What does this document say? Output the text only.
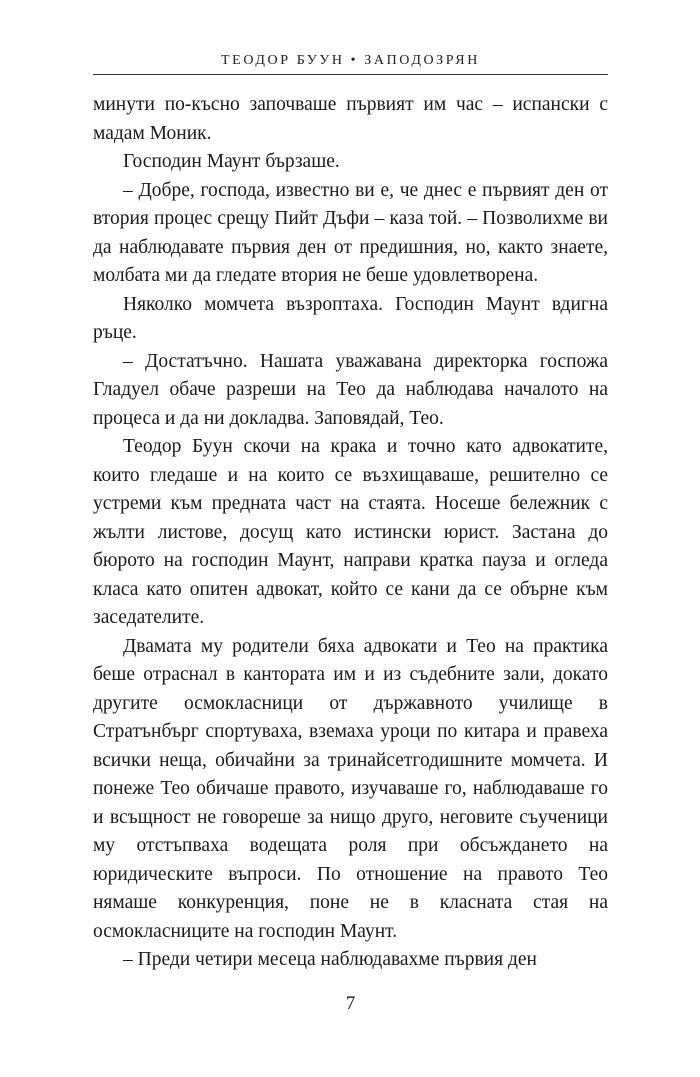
ТЕОДОР БУУН • ЗАПОДОЗРЯН

минути по-късно започваше първият им час – испански с мадам Моник.

Господин Маунт бързаше.

– Добре, господа, известно ви е, че днес е първият ден от втория процес срещу Пийт Дъфи – каза той. – Позволихме ви да наблюдавате първия ден от предишния, но, както знаете, молбата ми да гледате втория не беше удовлетворена.

Няколко момчета възроптаха. Господин Маунт вдигна ръце.

– Достатъчно. Нашата уважавана директорка госпожа Гладуел обаче разреши на Тео да наблюдава началото на процеса и да ни докладва. Заповядай, Тео.

Теодор Буун скочи на крака и точно като адвокатите, които гледаше и на които се възхищаваше, решително се устреми към предната част на стаята. Носеше бележник с жълти листове, досущ като истински юрист. Застана до бюрото на господин Маунт, направи кратка пауза и огледа класа като опитен адвокат, който се кани да се обърне към заседателите.

Двамата му родители бяха адвокати и Тео на практика беше отраснал в кантората им и из съдебните зали, докато другите осмокласници от държавното училище в Стратънбърг спортуваха, вземаха уроци по китара и правеха всички неща, обичайни за тринайсетгодишните момчета. И понеже Тео обичаше правото, изучаваше го, наблюдаваше го и всъщност не говореше за нищо друго, неговите съученици му отстъпваха водещата роля при обсъждането на юридическите въпроси. По отношение на правото Тео нямаше конкуренция, поне не в класната стая на осмокласниците на господин Маунт.

– Преди четири месеца наблюдавахме първия ден

7
